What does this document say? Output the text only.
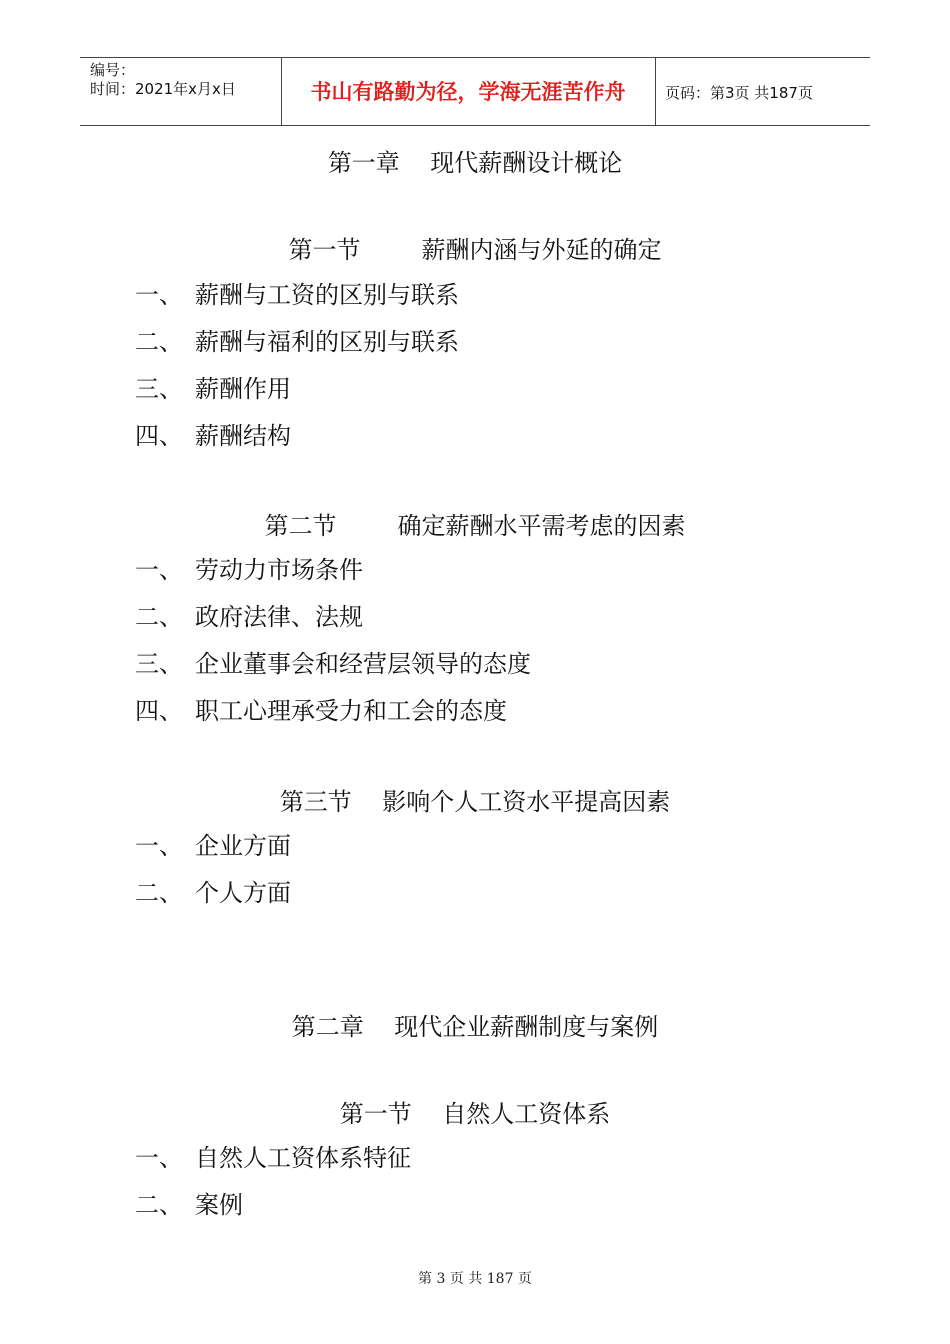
编号：
时间：2021年x月x日	书山有路勤为径，学海无涯苦作舟	页码：第3页 共187页
第一章    现代薪酬设计概论
第一节        薪酬内涵与外延的确定
一、 薪酬与工资的区别与联系
二、 薪酬与福利的区别与联系
三、 薪酬作用
四、 薪酬结构
第二节        确定薪酬水平需考虑的因素
一、 劳动力市场条件
二、 政府法律、法规
三、 企业董事会和经营层领导的态度
四、 职工心理承受力和工会的态度
第三节    影响个人工资水平提高因素
一、 企业方面
二、 个人方面
第二章    现代企业薪酬制度与案例
第一节    自然人工资体系
一、 自然人工资体系特征
二、 案例
第 3 页 共 187 页
